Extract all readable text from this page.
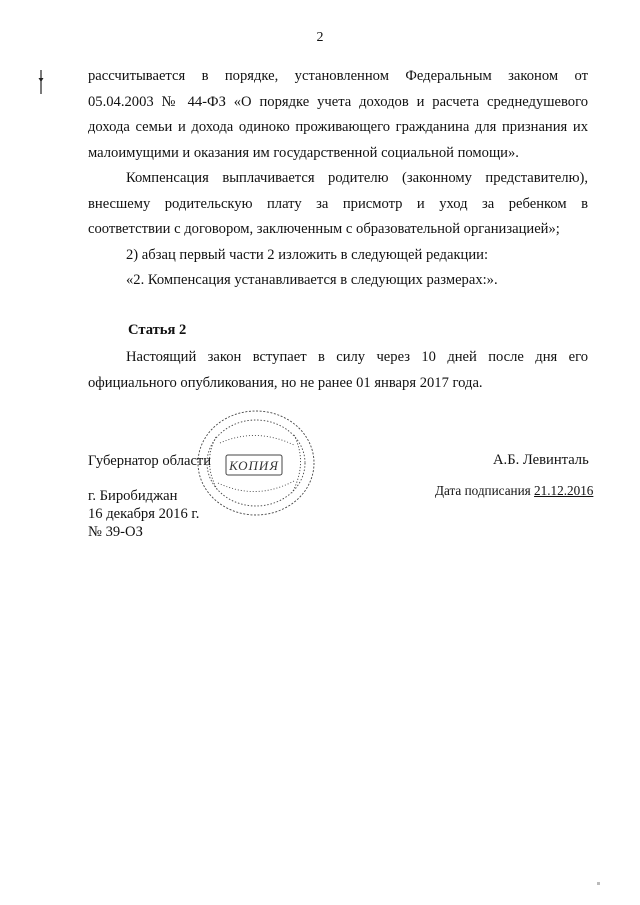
2
рассчитывается в порядке, установленном Федеральным законом от
05.04.2003 № 44-ФЗ «О порядке учета доходов и расчета среднедушевого
дохода семьи и дохода одиноко проживающего гражданина для признания их
малоимущими и оказания им государственной социальной помощи».
Компенсация выплачивается родителю (законному представителю),
внесшему родительскую плату за присмотр и уход за ребенком в
соответствии с договором, заключенным с образовательной организацией»;
2) абзац первый части 2 изложить в следующей редакции:
«2. Компенсация устанавливается в следующих размерах:».
Статья 2
Настоящий закон вступает в силу через 10 дней после дня его
официального опубликования, но не ранее 01 января 2017 года.
КОПИЯ
Губернатор области
г. Биробиджан
16 декабря 2016 г.
№ 39-ОЗ
А.Б. Левинталь
Дата подписания 21.12.2016
